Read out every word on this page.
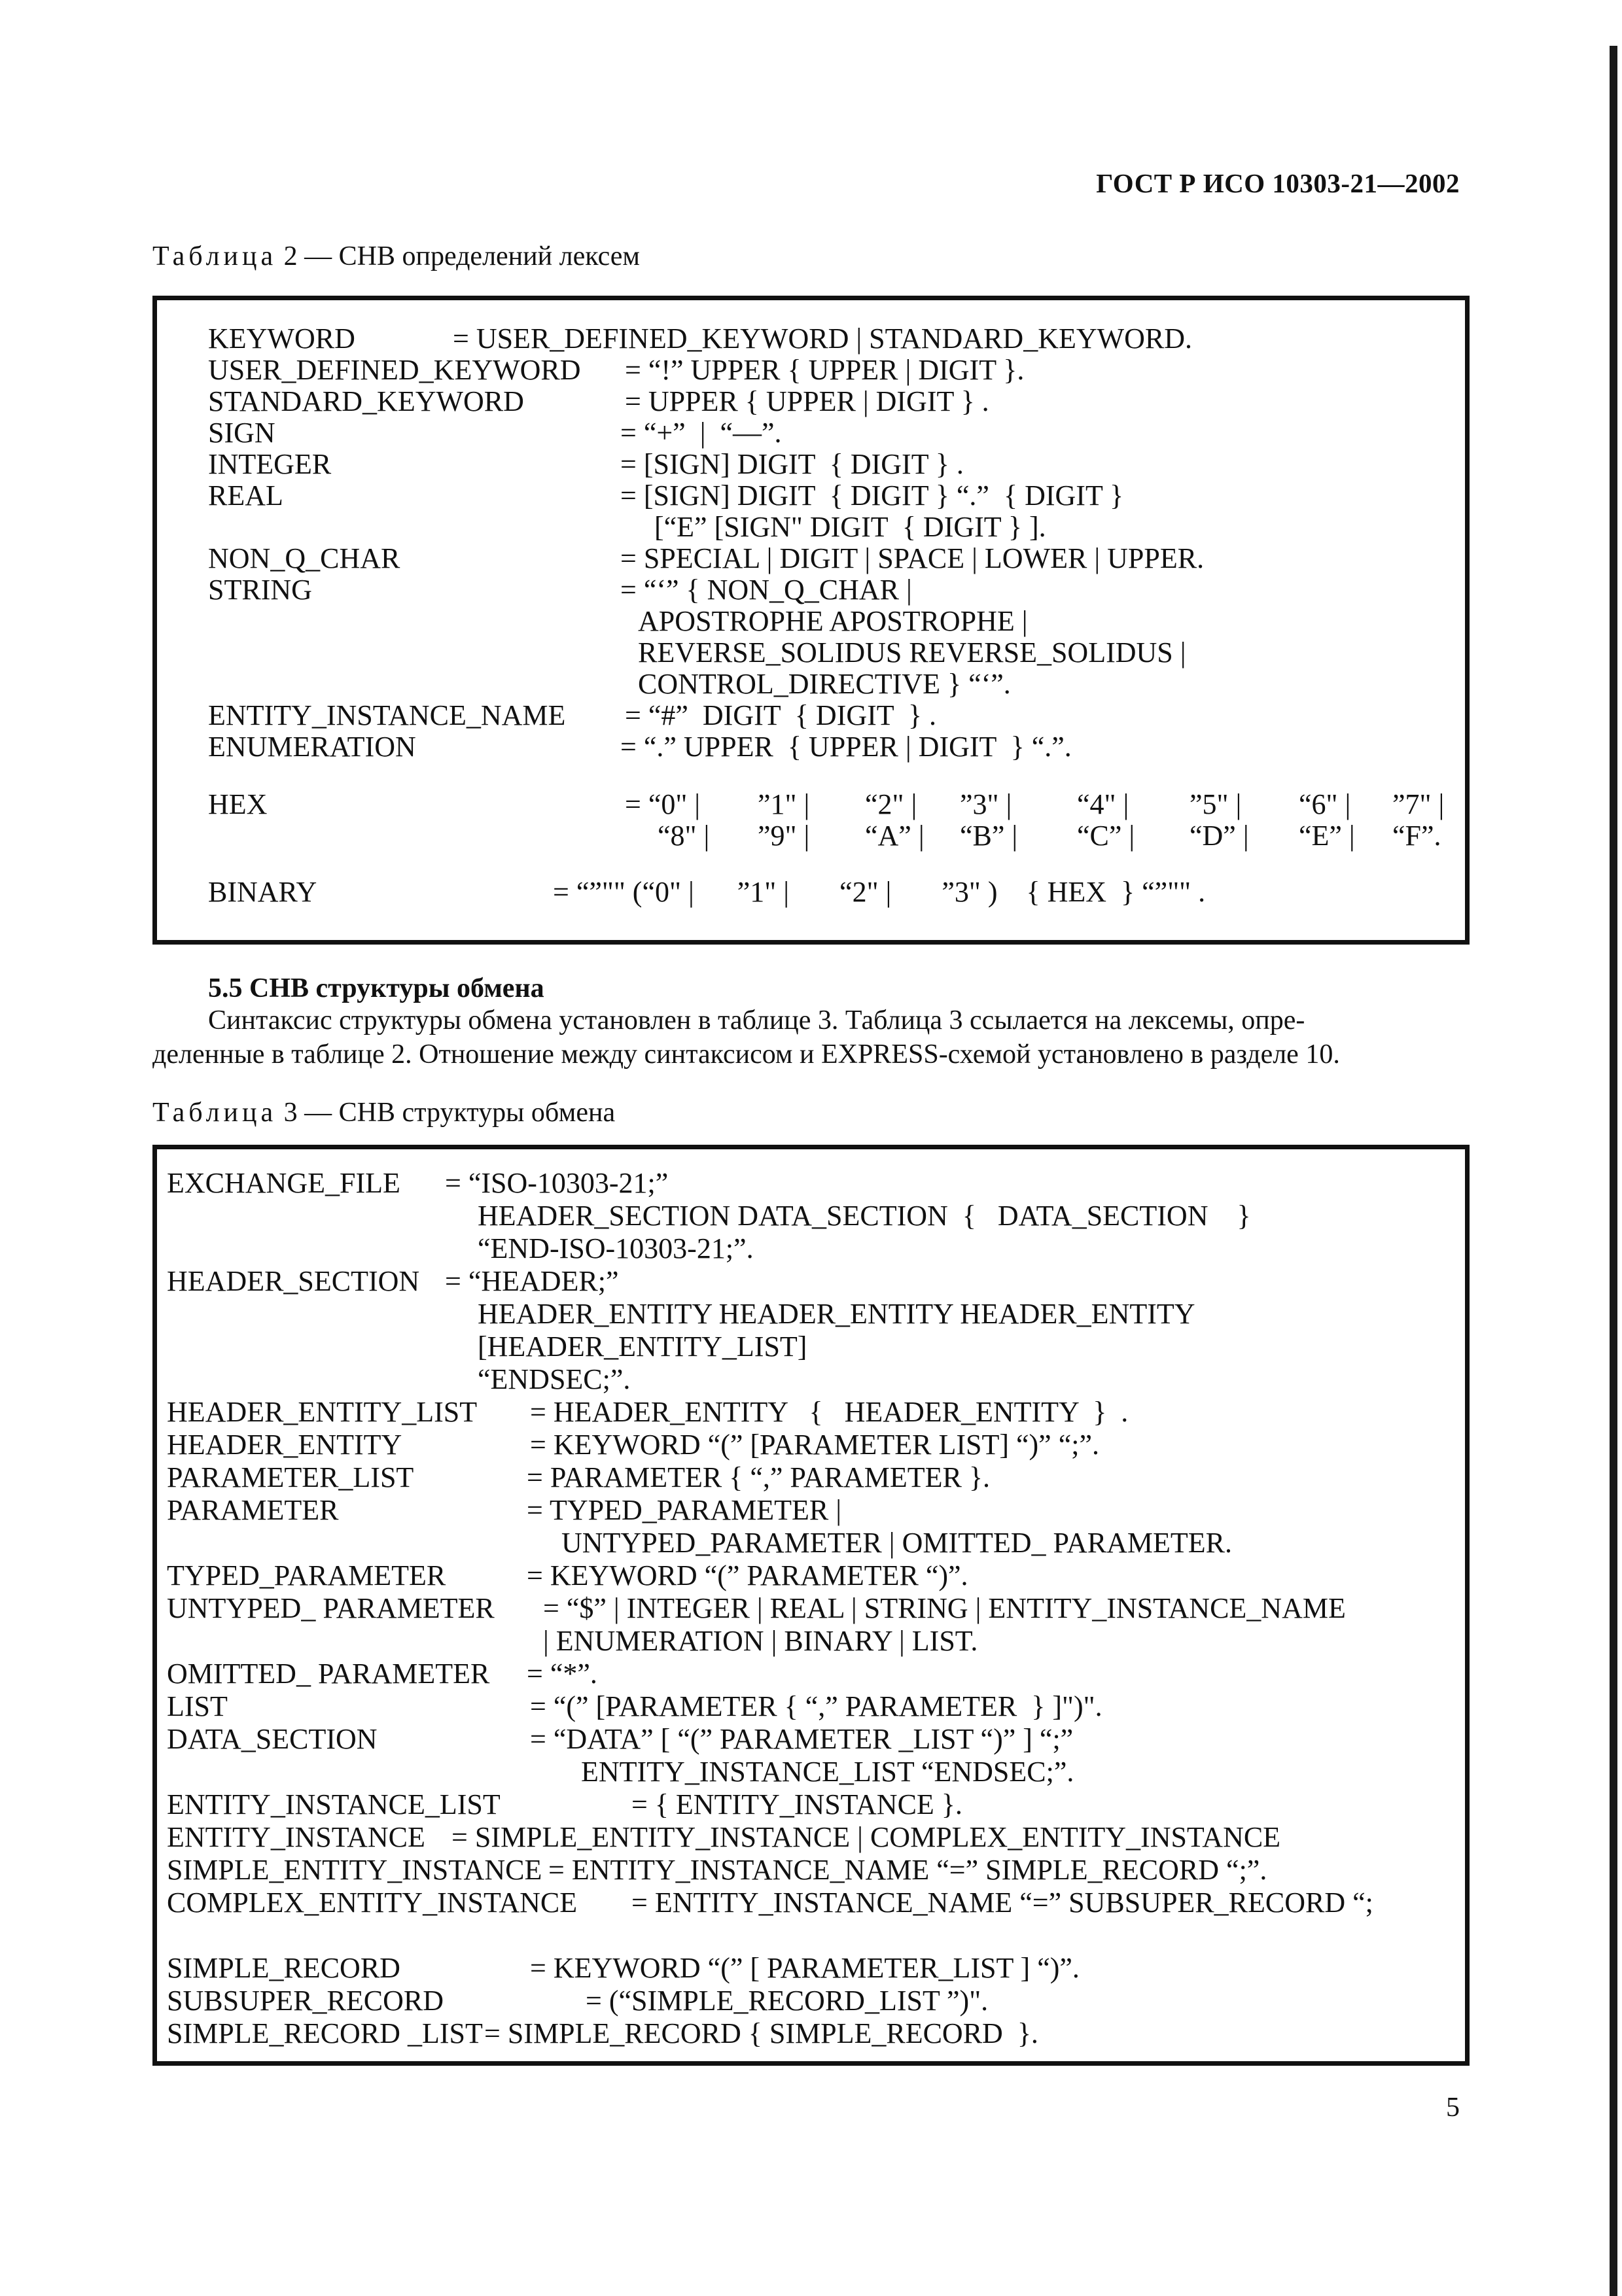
ГОСТ Р ИСО 10303-21—2002
Таблица 2 — СНВ определений лексем
KEYWORD	= USER_DEFINED_KEYWORD | STANDARD_KEYWORD.
USER_DEFINED_KEYWORD = “!” UPPER { UPPER | DIGIT }.
STANDARD_KEYWORD	= UPPER { UPPER | DIGIT } .
SIGN	= “+”  |  “—”.
INTEGER	= [SIGN] DIGIT  { DIGIT } .
REAL	= [SIGN] DIGIT  { DIGIT } “.”  { DIGIT }
[“E” [SIGN" DIGIT  { DIGIT } ].
NON_Q_CHAR	= SPECIAL | DIGIT | SPACE | LOWER | UPPER.
STRING	= “‘” { NON_Q_CHAR |
APOSTROPHE APOSTROPHE |
REVERSE_SOLIDUS REVERSE_SOLIDUS |
CONTROL_DIRECTIVE } “‘”.
ENTITY_INSTANCE_NAME = “#”  DIGIT  { DIGIT  } .
ENUMERATION	= “.” UPPER  { UPPER | DIGIT  } “.”.
HEX	= “0" | ”1" | “2" | ”3" | “4" | ”5" | “6" | ”7" |
“8" | ”9" | “A” | “B” | “C” | “D” | “E” | “F”.
BINARY	= “”"" (“0" |      ”1" |       “2" |       ”3" )    { HEX  } “”"" .
5.5 СНВ структуры обмена
Синтаксис структуры обмена установлен в таблице 3. Таблица 3 ссылается на лексемы, опре-
деленные в таблице 2. Отношение между синтаксисом и EXPRESS-схемой установлено в разделе 10.
Таблица 3 — СНВ структуры обмена
EXCHANGE_FILE = “ISO-10303-21;”
HEADER_SECTION DATA_SECTION  {   DATA_SECTION    }
“END-ISO-10303-21;”.
HEADER_SECTION = “HEADER;”
HEADER_ENTITY HEADER_ENTITY HEADER_ENTITY
[HEADER_ENTITY_LIST]
“ENDSEC;”.
HEADER_ENTITY_LIST = HEADER_ENTITY   {   HEADER_ENTITY  }  .
HEADER_ENTITY	= KEYWORD “(” [PARAMETER LIST] “)” “;”.
PARAMETER_LIST	= PARAMETER { “,” PARAMETER }.
PARAMETER	= TYPED_PARAMETER |
UNTYPED_PARAMETER | OMITTED_ PARAMETER.
TYPED_PARAMETER	= KEYWORD “(” PARAMETER “)”.
UNTYPED_ PARAMETER = “$” | INTEGER | REAL | STRING | ENTITY_INSTANCE_NAME
| ENUMERATION | BINARY | LIST.
OMITTED_ PARAMETER = “*”.
LIST	= “(” [PARAMETER { “,” PARAMETER  } ]")".
DATA_SECTION	= “DATA” [ “(” PARAMETER _LIST “)” ] “;”
ENTITY_INSTANCE_LIST “ENDSEC;”.
ENTITY_INSTANCE_LIST	= { ENTITY_INSTANCE }.
ENTITY_INSTANCE = SIMPLE_ENTITY_INSTANCE | COMPLEX_ENTITY_INSTANCE
SIMPLE_ENTITY_INSTANCE = ENTITY_INSTANCE_NAME “=” SIMPLE_RECORD “;”.
COMPLEX_ENTITY_INSTANCE = ENTITY_INSTANCE_NAME “=” SUBSUPER_RECORD “;
SIMPLE_RECORD	= KEYWORD “(” [ PARAMETER_LIST ] “)”.
SUBSUPER_RECORD	= (“SIMPLE_RECORD_LIST ”)".
SIMPLE_RECORD _LIST = SIMPLE_RECORD { SIMPLE_RECORD  }.
5
